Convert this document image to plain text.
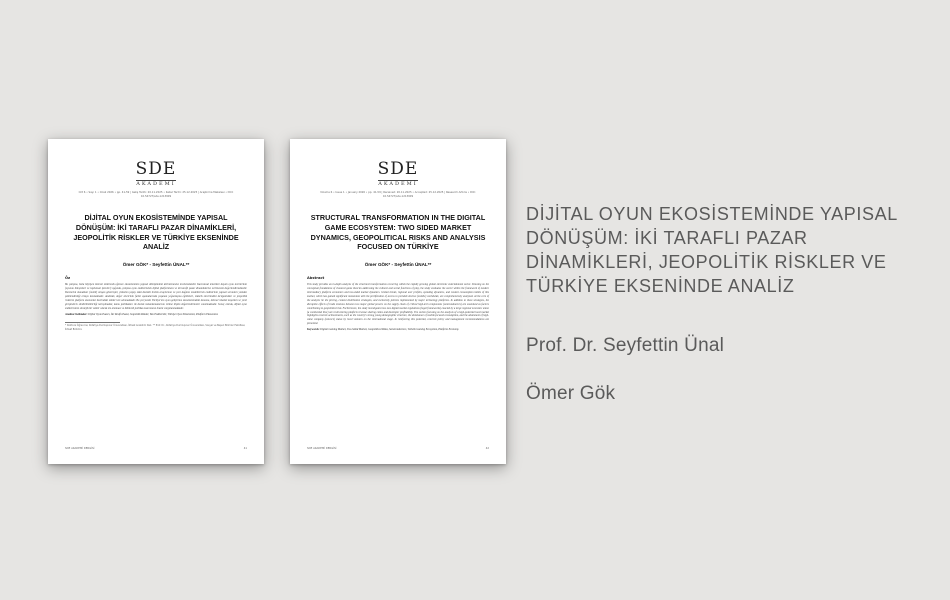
SDE
AKADEMİ
Cilt 6 • Sayı 1 • Ocak 2026 • pp. 41-59 | Geliş Tarihi: 20.11.2025 • Kabul Tarihi: 25.12.2025 | Araştırma Makalesi • DOI: 10.54727/sde.1213909
DİJİTAL OYUN EKOSİSTEMİNDE YAPISAL DÖNÜŞÜM: İKİ TARAFLI PAZAR DİNAMİKLERİ, JEOPOLİTİK RİSKLER VE TÜRKİYE EKSENİNDE ANALİZ
Ömer GÖK* - Seyfettin ÜNAL**
Öz
Bu çalışma, hızla büyüyen küresel elektronik eğlence ekosisteminin yapısal dönüşümünü derinlemesine incelemektedir. Kavramsal temellere dayalı oyun teorilerinin (oyunun bileşenleri ve toplumsal işlevleri) ışığında, çalışma oyun endüstrisinin dijital platformlara ve iki taraflı pazar dinamiklerine evrilmesini değerlendirmektedir. Yaratıcılık olanakları (mobil) oluşan gösterişler, yükselen yapay zekâ destekli üretim araçlarının ve yeni dağıtım modellerinin endüstrinin yapısal sorunları yeniden şekillendirdiği ortaya konmaktadır. Analizde, değer zincirinin farklı aşamalarında yaşanan yoğunlaşma eğilimleri, tedarik zincirindeki kırılganlıklar ve jeopolitik risklerin platform ekonomisi üzerindeki etkileri ele alınmaktadır. Bu çerçevede Türkiye’nin oyun geliştirme ekosistemindeki konumu, küresel rekabet koşulları ve yerel girişimlerin sürdürülebilirliği tartışılmakta; kamu politikaları ile destek mekanizmalarının rolüne ilişkin değerlendirmeler sunulmaktadır. Sonuç olarak, dijital oyun endüstrisinin stratejik bir sektör olarak ele alınması ve bütüncül politika tasarımının önemi vurgulanmaktadır.
Anahtar Kelimeler: Dijital Oyun Pazarı, İki Taraflı Pazar, Jeopolitik Riskler, Yan Endüstriler, Türkiye Oyun Ekosistemi, Platform Ekonomisi.
* Doktora Öğrencisi, Kütahya Dumlupınar Üniversitesi, İktisat Anabilim Dalı. ** Prof. Dr., Kütahya Dumlupınar Üniversitesi, Sosyal ve Beşeri Bilimler Fakültesi, İktisat Bölümü.
SDE AKADEMİ DERGİSİ	41
SDE
AKADEMİ
Volume 6 • Issue 1 • January 2026 • pp. 41-59 | Received: 20.11.2025 • Accepted: 25.12.2025 | Research Article • DOI: 10.54727/sde.1213909
STRUCTURAL TRANSFORMATION IN THE DIGITAL GAME ECOSYSTEM: TWO SIDED MARKET DYNAMICS, GEOPOLITICAL RISKS AND ANALYSIS FOCUSED ON TÜRKİYE
Ömer GÖK* - Seyfettin ÜNAL**
Abstract
This study provides an in-depth analysis of the structural transformation occurring within the rapidly growing global electronic entertainment sector. Drawing on the conceptual foundations of classical game theories addressing the cultural and social functions of play, the study evaluates the sector within the framework of modern intermediary platform economics and two-sided market dynamics. Global trends, regional user profiles, spending dynamics, and content consumption habits of this market, which has gained significant momentum with the proliferation of access to portable devices (mobile) worldwide, are comprehensively analyzed. At the core of the analysis lie the pricing, content distribution strategies, and exclusivity policies implemented by major technology platforms. In addition to these strategies, the disruptive effects of trade tensions between two major global powers on the supply chain of critical high-tech components (semiconductors) are examined as factors contributing to geopolitical risk. Furthermore, the study investigates how new digital market regulations (legal frameworks) enacted by a large regional economic union (a continental bloc) are restructuring platform revenue sharing ratios and developer profitability. The section focusing on the analysis of a high-potential local market highlights concrete achievements, such as the country’s strong young demographic structure, the dominance of mobile-focused consumption, and the attainment of high-value company (unicorn) status by local ventures on the international stage. In reinforcing this potential, concrete policy and management recommendations are presented.
Keywords: Digital Gaming Market, Two-Sided Market, Geopolitical Risks, Semiconductors, Turkish Gaming Ecosystem, Platform Economy.
SDE AKADEMİ DERGİSİ	42
DİJİTAL OYUN EKOSİSTEMİNDE YAPISAL DÖNÜŞÜM: İKİ TARAFLI PAZAR DİNAMİKLERİ, JEOPOLİTİK RİSKLER VE TÜRKİYE EKSENİNDE ANALİZ
Prof. Dr. Seyfettin Ünal
Ömer Gök
